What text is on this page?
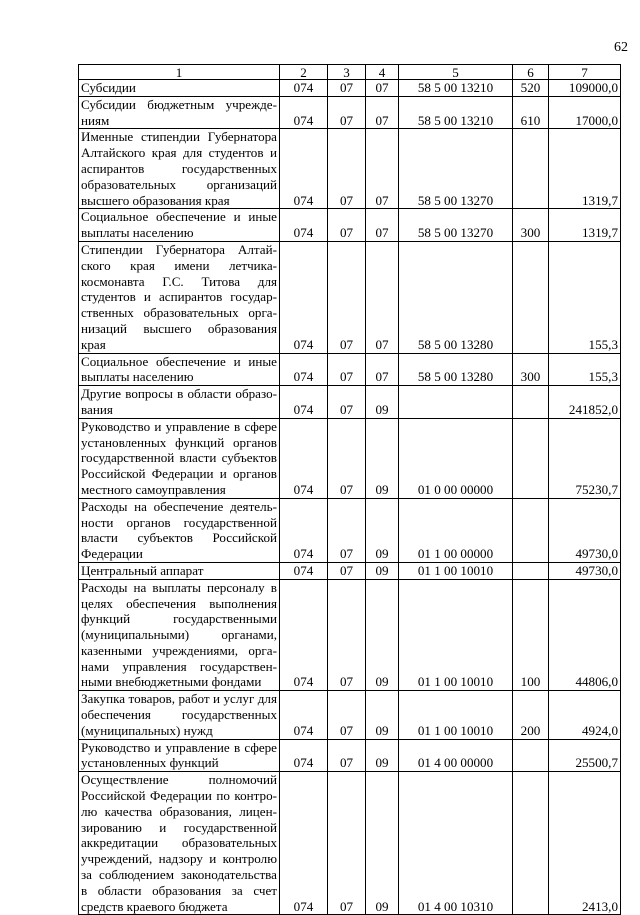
62
1	2	3	4	5	6	7
Субсидии	074	07	07	58 5 00 13210	520	109000,0
Субсидии бюджетным учреждениям	074	07	07	58 5 00 13210	610	17000,0
Именные стипендии Губернатора Алтайского края для студентов и аспирантов государственных образовательных организаций высшего образования края	074	07	07	58 5 00 13270		1319,7
Социальное обеспечение и иные выплаты населению	074	07	07	58 5 00 13270	300	1319,7
Стипендии Губернатора Алтайского края имени летчика-космонавта Г.С. Титова для студентов и аспирантов государственных образовательных организаций высшего образования края	074	07	07	58 5 00 13280		155,3
Социальное обеспечение и иные выплаты населению	074	07	07	58 5 00 13280	300	155,3
Другие вопросы в области образования	074	07	09			241852,0
Руководство и управление в сфере установленных функций органов государственной власти субъектов Российской Федерации и органов местного самоуправления	074	07	09	01 0 00 00000		75230,7
Расходы на обеспечение деятельности органов государственной власти субъектов Российской Федерации	074	07	09	01 1 00 00000		49730,0
Центральный аппарат	074	07	09	01 1 00 10010		49730,0
Расходы на выплаты персоналу в целях обеспечения выполнения функций государственными (муниципальными) органами, казенными учреждениями, органами управления государственными внебюджетными фондами	074	07	09	01 1 00 10010	100	44806,0
Закупка товаров, работ и услуг для обеспечения государственных (муниципальных) нужд	074	07	09	01 1 00 10010	200	4924,0
Руководство и управление в сфере установленных функций	074	07	09	01 4 00 00000		25500,7
Осуществление полномочий Российской Федерации по контролю качества образования, лицензированию и государственной аккредитации образовательных учреждений, надзору и контролю за соблюдением законодательства в области образования за счет средств краевого бюджета	074	07	09	01 4 00 10310		2413,0
